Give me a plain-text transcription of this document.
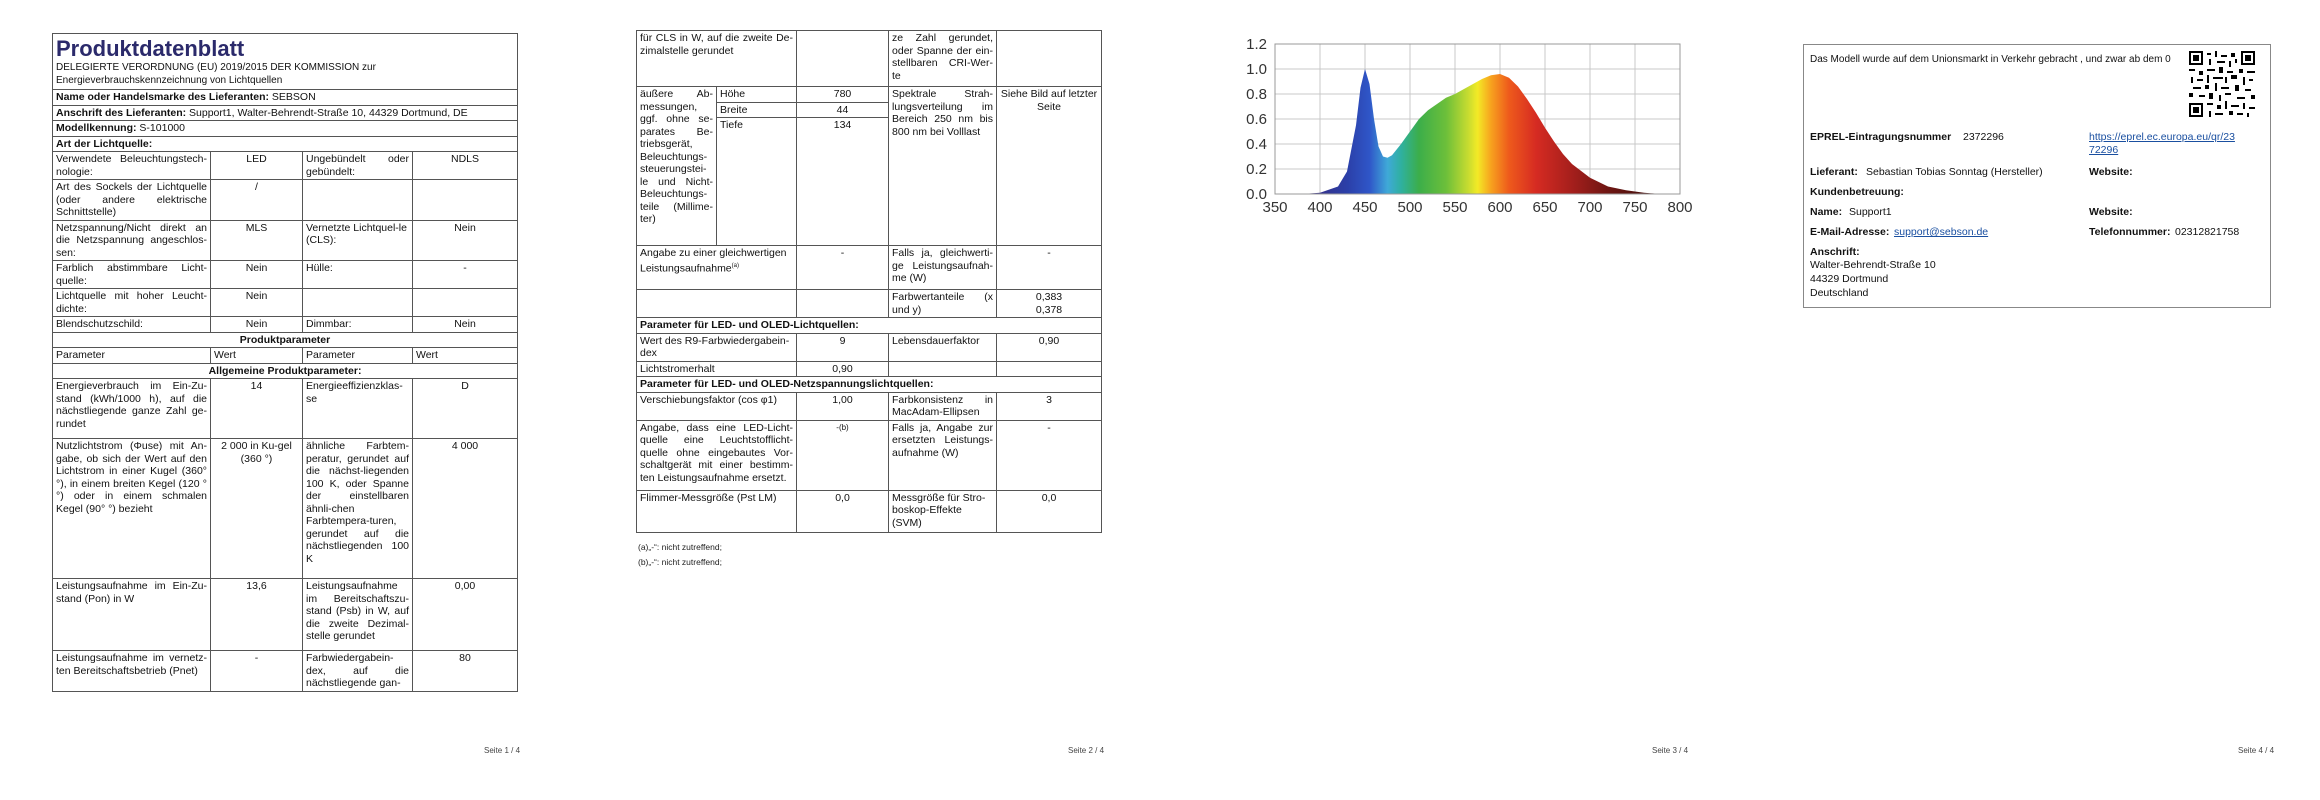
Produktdatenblatt
DELEGIERTE VERORDNUNG (EU) 2019/2015 DER KOMMISSION zur
Energieverbrauchskennzeichnung von Lichtquellen			

Name oder Handelsmarke des Lieferanten: SEBSON			
Anschrift des Lieferanten: Support1, Walter-Behrendt-Straße 10, 44329 Dortmund, DE			
Modellkennung: S-101000			
Art der Lichtquelle:			
Verwendete Beleuchtungstech-nologie:	LED	Ungebündelt oder gebündelt:	NDLS
Art des Sockels der Lichtquelle (oder andere elektrische Schnittstelle)	/		
Netzspannung/Nicht direkt an die Netzspannung angeschlos-sen:	MLS	Vernetzte Lichtquel-le (CLS):	Nein
Farblich abstimmbare Licht-quelle:	Nein	Hülle:	-
Lichtquelle mit hoher Leucht-dichte:	Nein		
Blendschutzschild:	Nein	Dimmbar:	Nein
Produktparameter			
Parameter	Wert	Parameter	Wert
Allgemeine Produktparameter:			
Energieverbrauch im Ein-Zu-stand (kWh/1000 h), auf die nächstliegende ganze Zahl ge-rundet	14	Energieeffizienzklas-se	D
Nutzlichtstrom (Φuse) mit An-gabe, ob sich der Wert auf den Lichtstrom in einer Kugel (360° °), in einem breiten Kegel (120 °°) oder in einem schmalen Kegel (90° °) bezieht	2 000 in Ku-gel (360 °)	ähnliche Farbtem-peratur, gerundet auf die nächst-liegenden 100 K, oder Spanne der einstellbaren ähnli-chen Farbtempera-turen, gerundet auf die nächstliegenden 100 K	4 000
Leistungsaufnahme im Ein-Zu-stand (Pon) in W	13,6	Leistungsaufnahme im Bereitschaftszu-stand (Psb) in W, auf die zweite Dezimal-stelle gerundet	0,00
Leistungsaufnahme im vernetz-ten Bereitschaftsbetrieb (Pnet)	-	Farbwiedergabein-dex, auf die nächstliegende gan-	80
Seite 1 / 4
für CLS in W, auf die zweite De-zimalstelle gerundet			ze Zahl gerundet, oder Spanne der ein-stellbaren CRI-Wer-te	
äußere Ab-messungen, ggf. ohne se-parates Be-triebsgerät, Beleuchtungs-steuerungstei-le und Nicht-Beleuchtungs-teile (Millime-ter)	Höhe	780	Spektrale Strah-lungsverteilung im Bereich 250 nm bis 800 nm bei Volllast	Siehe Bild auf letzter Seite
	Breite	44		
	Tiefe	134		
Angabe zu einer gleichwertigen Leistungsaufnahme$^{(a)}$		-	Falls ja, gleichwerti-ge Leistungsaufnah-me (W)	-
			Farbwertanteile (x und y)	0,383
0,378

Parameter für LED- und OLED-Lichtquellen:				
Wert des R9-Farbwiedergabein-dex		9	Lebensdauerfaktor	0,90
Lichtstromerhalt		0,90		
Parameter für LED- und OLED-Netzspannungslichtquellen:				
Verschiebungsfaktor (cos φ1)		1,00	Farbkonsistenz in MacAdam-Ellipsen	3
Angabe, dass eine LED-Licht-quelle eine Leuchtstofflicht-quelle ohne eingebautes Vor-schaltgerät mit einer bestimm-ten Leistungsaufnahme ersetzt.		-(b)	Falls ja, Angabe zur ersetzten Leistungs-aufnahme (W)	-
Flimmer-Messgröße (Pst LM)		0,0	Messgröße für Stro-boskop-Effekte (SVM)	0,0
(a)„-“: nicht zutreffend;
(b)„-“: nicht zutreffend;
Seite 2 / 4	Seite 3 / 4
350 400 450 500 550 600 650 700 750 800
0.0
0.2
0.4
0.6
0.8
1.0
1.2
Seite 4 / 4
Das Modell wurde auf dem Unionsmarkt in Verkehr gebracht , und zwar ab dem 0
EPREL-Eintragungsnummer 2372296	https://eprel.ec.europa.eu/qr/23
72296
Lieferant: Sebastian Tobias Sonntag (Hersteller)	Website:
Kundenbetreuung:
Name: Support1	Website:
E-Mail-Adresse: support@sebson.de	Telefonnummer: 02312821758
Anschrift:
Walter-Behrendt-Straße 10
44329 Dortmund
Deutschland
